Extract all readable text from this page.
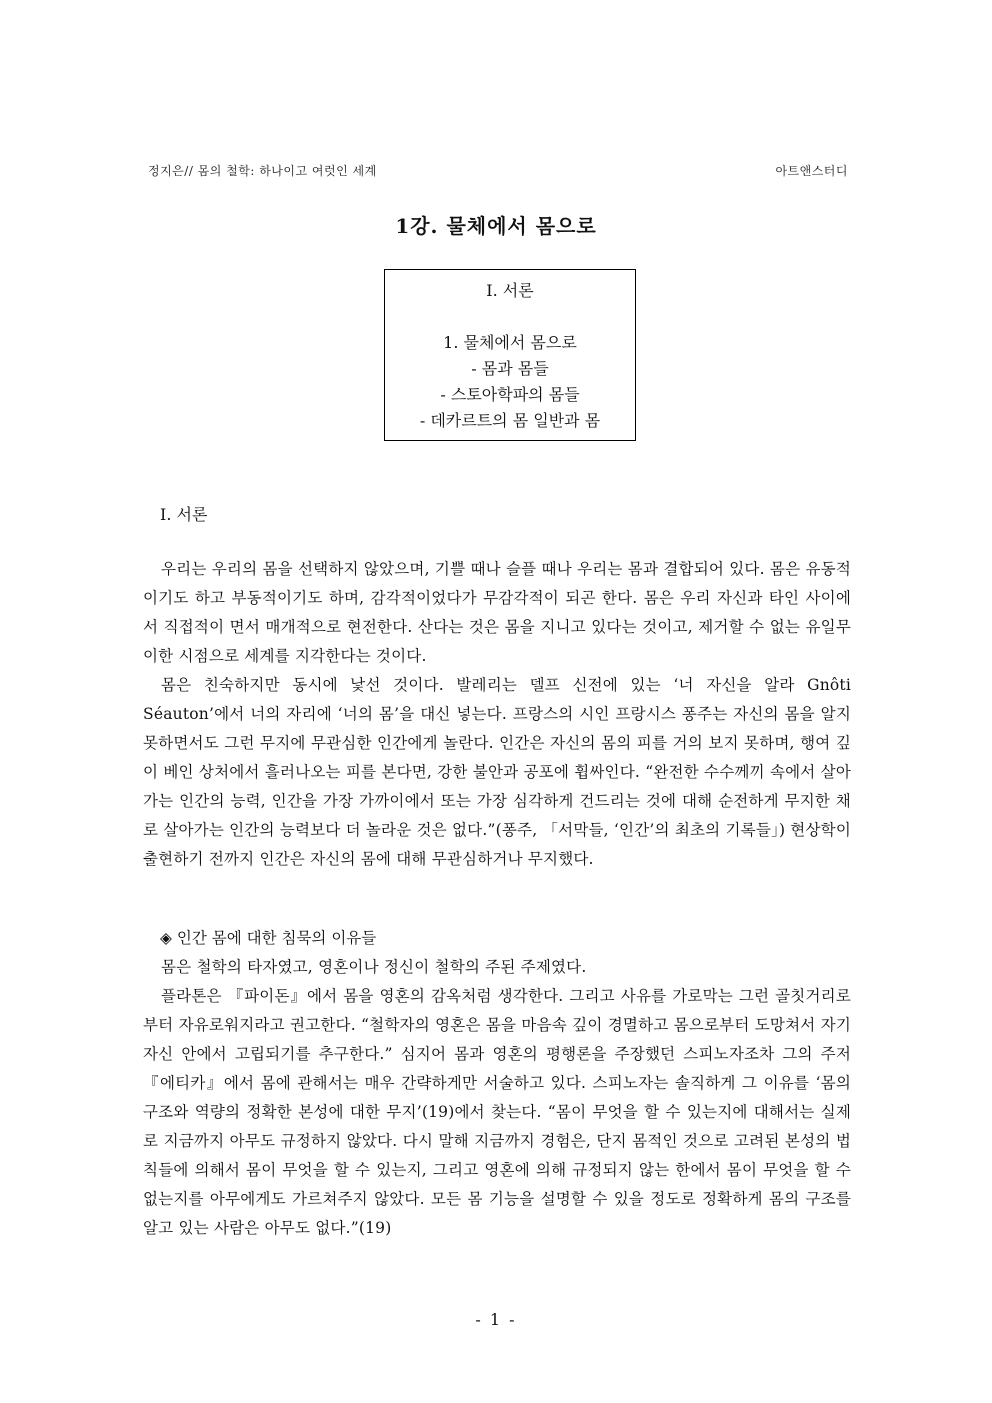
정지은// 몸의 철학: 하나이고 여럿인 세계	아트앤스터디
1강. 물체에서 몸으로
I. 서론
1. 물체에서 몸으로
- 몸과 몸들
- 스토아학파의 몸들
- 데카르트의 몸 일반과 몸
I. 서론

우리는 우리의 몸을 선택하지 않았으며, 기쁠 때나 슬플 때나 우리는 몸과 결합되어 있다. 몸은 유동적이기도 하고 부동적이기도 하며, 감각적이었다가 무감각적이 되곤 한다. 몸은 우리 자신과 타인 사이에서 직접적이 면서 매개적으로 현전한다. 산다는 것은 몸을 지니고 있다는 것이고, 제거할 수 없는 유일무이한 시점으로 세계를 지각한다는 것이다.

몸은 친숙하지만 동시에 낯선 것이다. 발레리는 델프 신전에 있는 ‘너 자신을 알라 Gnôti Séauton’에서 너의 자리에 ‘너의 몸’을 대신 넣는다. 프랑스의 시인 프랑시스 퐁주는 자신의 몸을 알지 못하면서도 그런 무지에 무관심한 인간에게 놀란다. 인간은 자신의 몸의 피를 거의 보지 못하며, 행여 깊이 베인 상처에서 흘러나오는 피를 본다면, 강한 불안과 공포에 휩싸인다. “완전한 수수께끼 속에서 살아가는 인간의 능력, 인간을 가장 가까이에서 또는 가장 심각하게 건드리는 것에 대해 순전하게 무지한 채로 살아가는 인간의 능력보다 더 놀라운 것은 없다.”(퐁주, 「서막들, ‘인간’의 최초의 기록들」) 현상학이 출현하기 전까지 인간은 자신의 몸에 대해 무관심하거나 무지했다.

◈ 인간 몸에 대한 침묵의 이유들

몸은 철학의 타자였고, 영혼이나 정신이 철학의 주된 주제였다.

플라톤은 『파이돈』에서 몸을 영혼의 감옥처럼 생각한다. 그리고 사유를 가로막는 그런 골칫거리로부터 자유로워지라고 권고한다. “철학자의 영혼은 몸을 마음속 깊이 경멸하고 몸으로부터 도망쳐서 자기 자신 안에서 고립되기를 추구한다.” 심지어 몸과 영혼의 평행론을 주장했던 스피노자조차 그의 주저 『에티카』에서 몸에 관해서는 매우 간략하게만 서술하고 있다. 스피노자는 솔직하게 그 이유를 ‘몸의 구조와 역량의 정확한 본성에 대한 무지’(19)에서 찾는다. “몸이 무엇을 할 수 있는지에 대해서는 실제로 지금까지 아무도 규정하지 않았다. 다시 말해 지금까지 경험은, 단지 몸적인 것으로 고려된 본성의 법칙들에 의해서 몸이 무엇을 할 수 있는지, 그리고 영혼에 의해 규정되지 않는 한에서 몸이 무엇을 할 수 없는지를 아무에게도 가르쳐주지 않았다. 모든 몸 기능을 설명할 수 있을 정도로 정확하게 몸의 구조를 알고 있는 사람은 아무도 없다.”(19)

- 1 -
